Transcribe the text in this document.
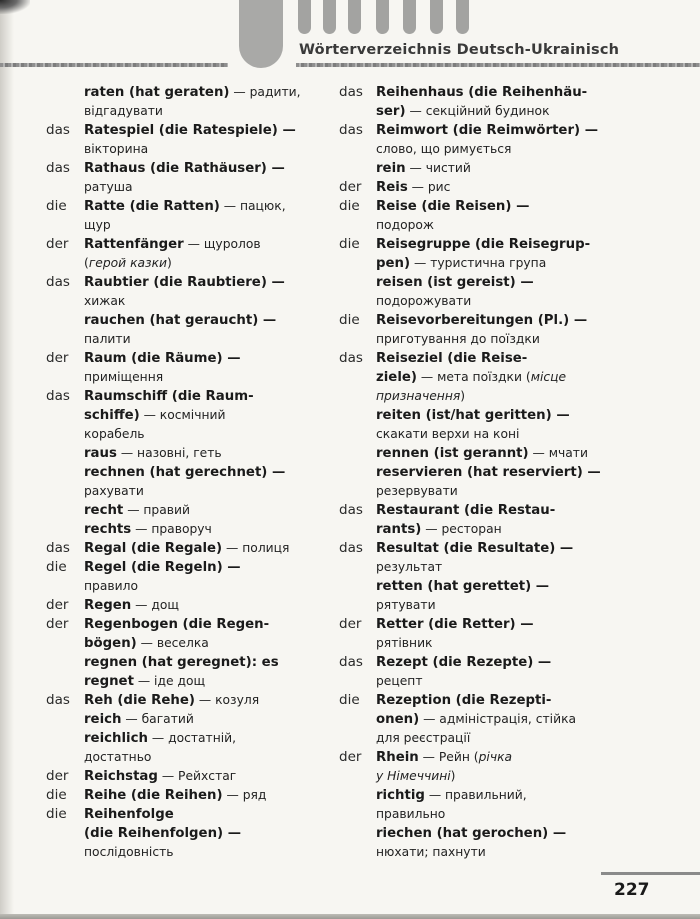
Wörterverzeichnis Deutsch-Ukrainisch
raten (hat geraten) — радити,
відгадувати
das Ratespiel (die Ratespiele) —
вікторина
das Rathaus (die Rathäuser) —
ратуша
die Ratte (die Ratten) — пацюк,
щур
der Rattenfänger — щуролов
(герой казки)
das Raubtier (die Raubtiere) —
хижак
rauchen (hat geraucht) —
палити
der Raum (die Räume) —
приміщення
das Raumschiff (die Raum-
schiffe) — космічний
корабель
raus — назовні, геть
rechnen (hat gerechnet) —
рахувати
recht — правий
rechts — праворуч
das Regal (die Regale) — полиця
die Regel (die Regeln) —
правило
der Regen — дощ
der Regenbogen (die Regen-
bögen) — веселка
regnen (hat geregnet): es
regnet — іде дощ
das Reh (die Rehe) — козуля
reich — багатий
reichlich — достатній,
достатньо
der Reichstag — Рейхстаг
die Reihe (die Reihen) — ряд
die Reihenfolge
(die Reihenfolgen) —
послідовність
das Reihenhaus (die Reihenhäu-
ser) — секційний будинок
das Reimwort (die Reimwörter) —
слово, що римується
rein — чистий
der Reis — рис
die Reise (die Reisen) —
подорож
die Reisegruppe (die Reisegrup-
pen) — туристична група
reisen (ist gereist) —
подорожувати
die Reisevorbereitungen (Pl.) —
приготування до поїздки
das Reiseziel (die Reise-
ziele) — мета поїздки (місце
призначення)
reiten (ist/hat geritten) —
скакати верхи на коні
rennen (ist gerannt) — мчати
reservieren (hat reserviert) —
резервувати
das Restaurant (die Restau-
rants) — ресторан
das Resultat (die Resultate) —
результат
retten (hat gerettet) —
рятувати
der Retter (die Retter) —
рятівник
das Rezept (die Rezepte) —
рецепт
die Rezeption (die Rezepti-
onen) — адміністрація, стійка
для реєстрації
der Rhein — Рейн (річка
у Німеччині)
richtig — правильний,
правильно
riechen (hat gerochen) —
нюхати; пахнути
227
